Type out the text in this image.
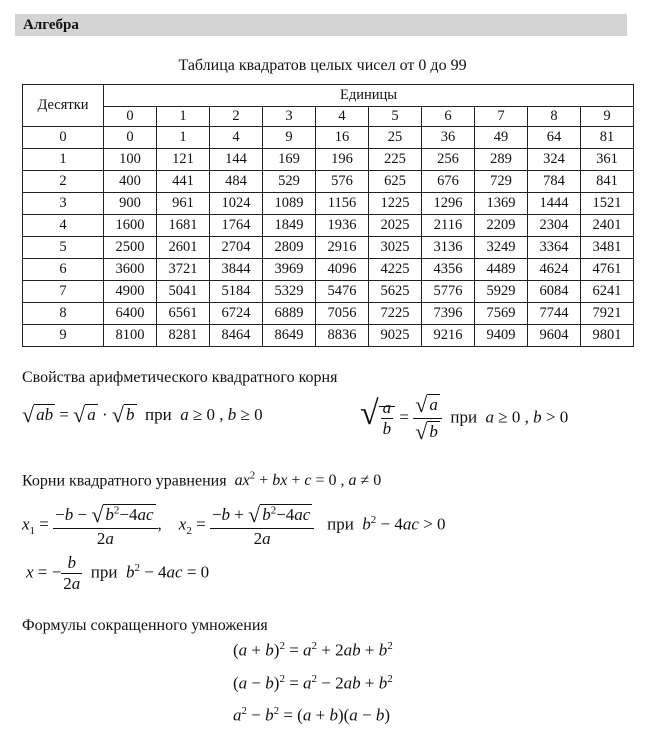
Алгебра
Таблица квадратов целых чисел от 0 до 99
Десятки	Единицы									
	0	1	2	3	4	5	6	7	8	9
0	0	1	4	9	16	25	36	49	64	81
1	100	121	144	169	196	225	256	289	324	361
2	400	441	484	529	576	625	676	729	784	841
3	900	961	1024	1089	1156	1225	1296	1369	1444	1521
4	1600	1681	1764	1849	1936	2025	2116	2209	2304	2401
5	2500	2601	2704	2809	2916	3025	3136	3249	3364	3481
6	3600	3721	3844	3969	4096	4225	4356	4489	4624	4761
7	4900	5041	5184	5329	5476	5625	5776	5929	6084	6241
8	6400	6561	6724	6889	7056	7225	7396	7569	7744	7921
9	8100	8281	8464	8649	8836	9025	9216	9409	9604	9801
Свойства арифметического квадратного корня
√ ab = √ a · √ b  при  a ≥ 0 , b ≥ 0	√ $\frac{a}{b} = \frac{√ a}{√ b}$ при  a ≥ 0 , b > 0
Корни квадратного уравнения $ax^2$ + bx + c = 0 , a ≠ 0
$x_1 = \frac{-b - √ b^2-4ac}{2a}$ ,    $x_2 = \frac{-b + √ b^2-4ac}{2a}$ при  $b^2 - 4ac > 0$
x = − $\frac{b}{2a}$ при  $b^2 - 4ac = 0$
Формулы сокращенного умножения
$(a + b)^2 = a^2 + 2ab + b^2$
$(a - b)^2 = a^2 - 2ab + b^2$
$a^2 - b^2 = (a + b)(a - b)$
